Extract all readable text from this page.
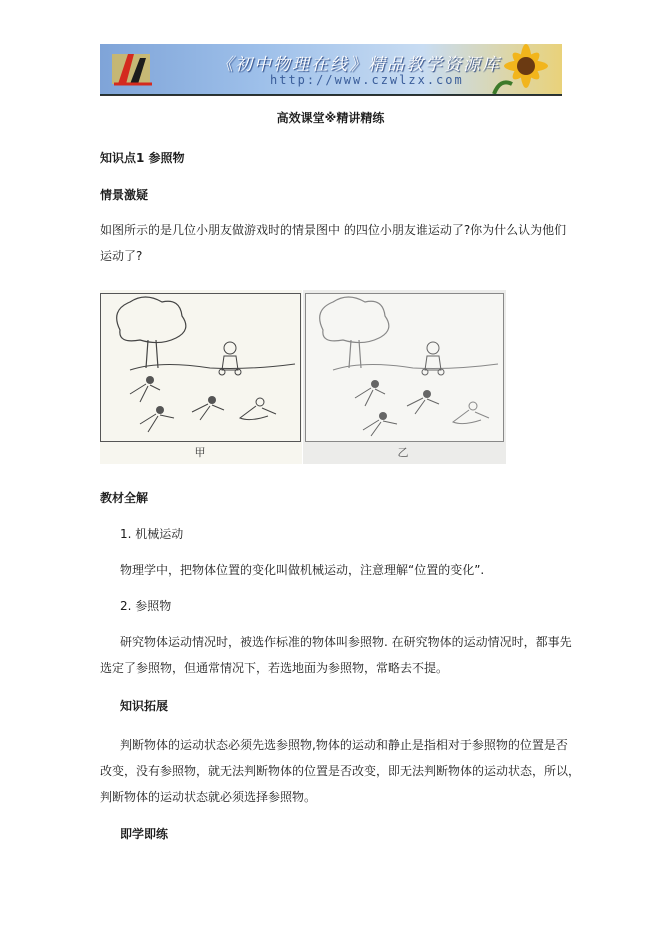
《初中物理在线》精品教学资源库
http://www.czwlzx.com
高效课堂※精讲精练
知识点1 参照物
情景激疑
如图所示的是几位小朋友做游戏时的情景图中 的四位小朋友谁运动了?你为什么认为他们
运动了?
甲	乙
教材全解
1. 机械运动
物理学中，把物体位置的变化叫做机械运动，注意理解“位置的变化”.
2. 参照物
研究物体运动情况时，被选作标准的物体叫参照物. 在研究物体的运动情况时，都事先
选定了参照物，但通常情况下，若选地面为参照物，常略去不提。
知识拓展
判断物体的运动状态必须先选参照物,物体的运动和静止是指相对于参照物的位置是否
改变，没有参照物，就无法判断物体的位置是否改变，即无法判断物体的运动状态，所以，
判断物体的运动状态就必须选择参照物。
即学即练
